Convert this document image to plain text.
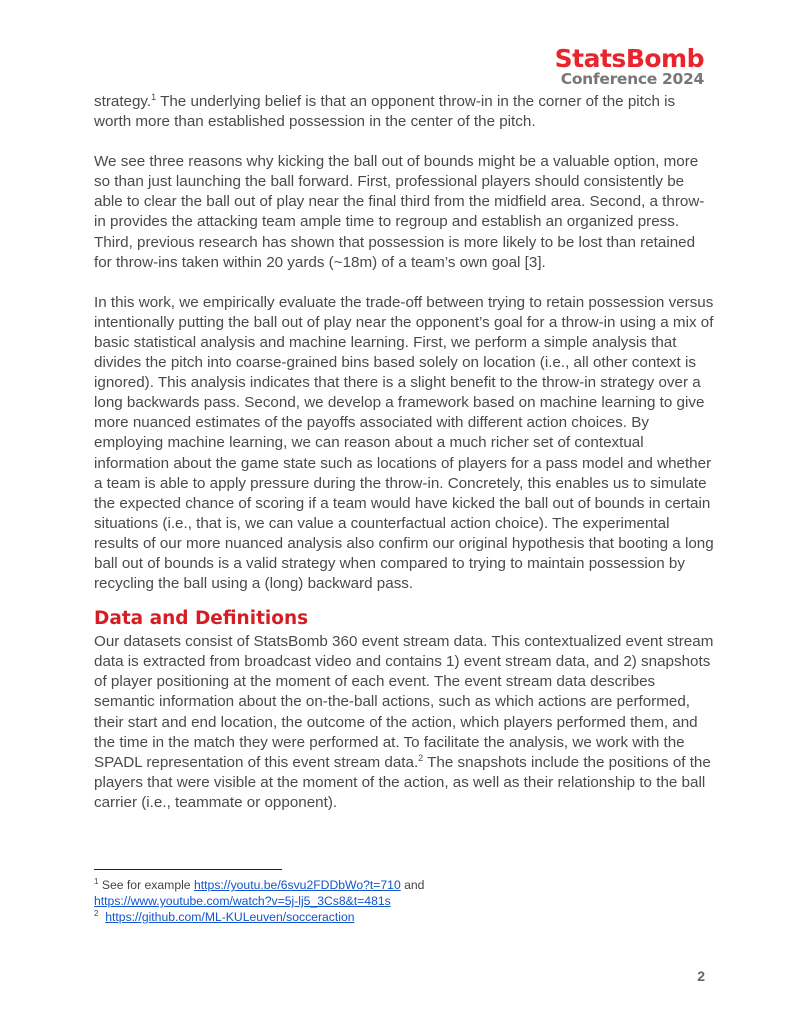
StatsBomb
Conference 2024

strategy.$^1$ The underlying belief is that an opponent throw-in in the corner of the pitch is worth more than established possession in the center of the pitch.

We see three reasons why kicking the ball out of bounds might be a valuable option, more so than just launching the ball forward. First, professional players should consistently be able to clear the ball out of play near the final third from the midfield area. Second, a throw-in provides the attacking team ample time to regroup and establish an organized press. Third, previous research has shown that possession is more likely to be lost than retained for throw-ins taken within 20 yards (~18m) of a team’s own goal [3].

In this work, we empirically evaluate the trade-off between trying to retain possession versus intentionally putting the ball out of play near the opponent’s goal for a throw-in using a mix of basic statistical analysis and machine learning. First, we perform a simple analysis that divides the pitch into coarse-grained bins based solely on location (i.e., all other context is ignored). This analysis indicates that there is a slight benefit to the throw-in strategy over a long backwards pass. Second, we develop a framework based on machine learning to give more nuanced estimates of the payoffs associated with different action choices. By employing machine learning, we can reason about a much richer set of contextual information about the game state such as locations of players for a pass model and whether a team is able to apply pressure during the throw-in. Concretely, this enables us to simulate the expected chance of scoring if a team would have kicked the ball out of bounds in certain situations (i.e., that is, we can value a counterfactual action choice). The experimental results of our more nuanced analysis also confirm our original hypothesis that booting a long ball out of bounds is a valid strategy when compared to trying to maintain possession by recycling the ball using a (long) backward pass.

Data and Definitions

Our datasets consist of StatsBomb 360 event stream data. This contextualized event stream data is extracted from broadcast video and contains 1) event stream data, and 2) snapshots of player positioning at the moment of each event. The event stream data describes semantic information about the on-the-ball actions, such as which actions are performed, their start and end location, the outcome of the action, which players performed them, and the time in the match they were performed at. To facilitate the analysis, we work with the SPADL representation of this event stream data.$^2$ The snapshots include the positions of the players that were visible at the moment of the action, as well as their relationship to the ball carrier (i.e., teammate or opponent).

$^1$ See for example https://youtu.be/6svu2FDDbWo?t=710 and
https://www.youtube.com/watch?v=5j-lj5_3Cs8&t=481s
$^2$ https://github.com/ML-KULeuven/socceraction
2
